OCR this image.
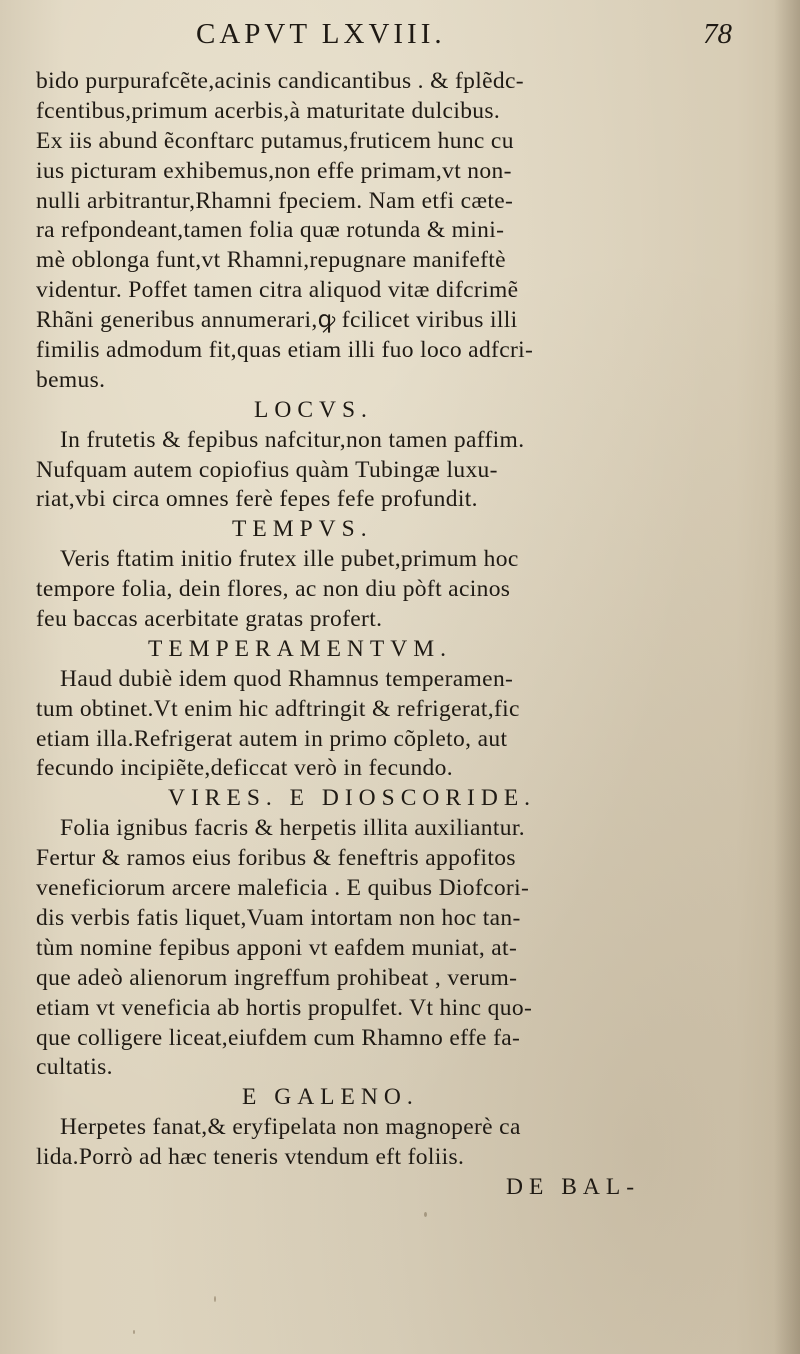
CAPVT LXVIII.	78
bido purpurafcẽte,acinis candicantibus . & fplẽdc-
fcentibus,primum acerbis,à maturitate dulcibus.
Ex iis abund ẽconftarc putamus,fruticem hunc cu
ius picturam exhibemus,non effe primam,vt non-
nulli arbitrantur,Rhamni fpeciem. Nam etfi cæte-
ra refpondeant,tamen folia quæ rotunda & mini-
mè oblonga funt,vt Rhamni,repugnare manifeftè
videntur. Poffet tamen citra aliquod vitæ difcrimẽ
Rhãni generibus annumerari,ꝙ fcilicet viribus illi
fimilis admodum fit,quas etiam illi fuo loco adfcri-
bemus.
LOCVS.
In frutetis & fepibus nafcitur,non tamen paffim.
Nufquam autem copiofius quàm Tubingæ luxu-
riat,vbi circa omnes ferè fepes fefe profundit.
TEMPVS.
Veris ftatim initio frutex ille pubet,primum hoc
tempore folia, dein flores, ac non diu pòft acinos
feu baccas acerbitate gratas profert.
TEMPERAMENTVM.
Haud dubiè idem quod Rhamnus temperamen-
tum obtinet.Vt enim hic adftringit & refrigerat,fic
etiam illa.Refrigerat autem in primo cõpleto, aut
fecundo incipiẽte,deficcat verò in fecundo.
VIRES. E DIOSCORIDE.
Folia ignibus facris & herpetis illita auxiliantur.
Fertur & ramos eius foribus & feneftris appofitos
veneficiorum arcere maleficia . E quibus Diofcori-
dis verbis fatis liquet,Vuam intortam non hoc tan-
tùm nomine fepibus apponi vt eafdem muniat, at-
que adeò alienorum ingreffum prohibeat , verum-
etiam vt veneficia ab hortis propulfet. Vt hinc quo-
que colligere liceat,eiufdem cum Rhamno effe fa-
cultatis.
E GALENO.
Herpetes fanat,& eryfipelata non magnoperè ca
lida.Porrò ad hæc teneris vtendum eft foliis.
DE BAL-
